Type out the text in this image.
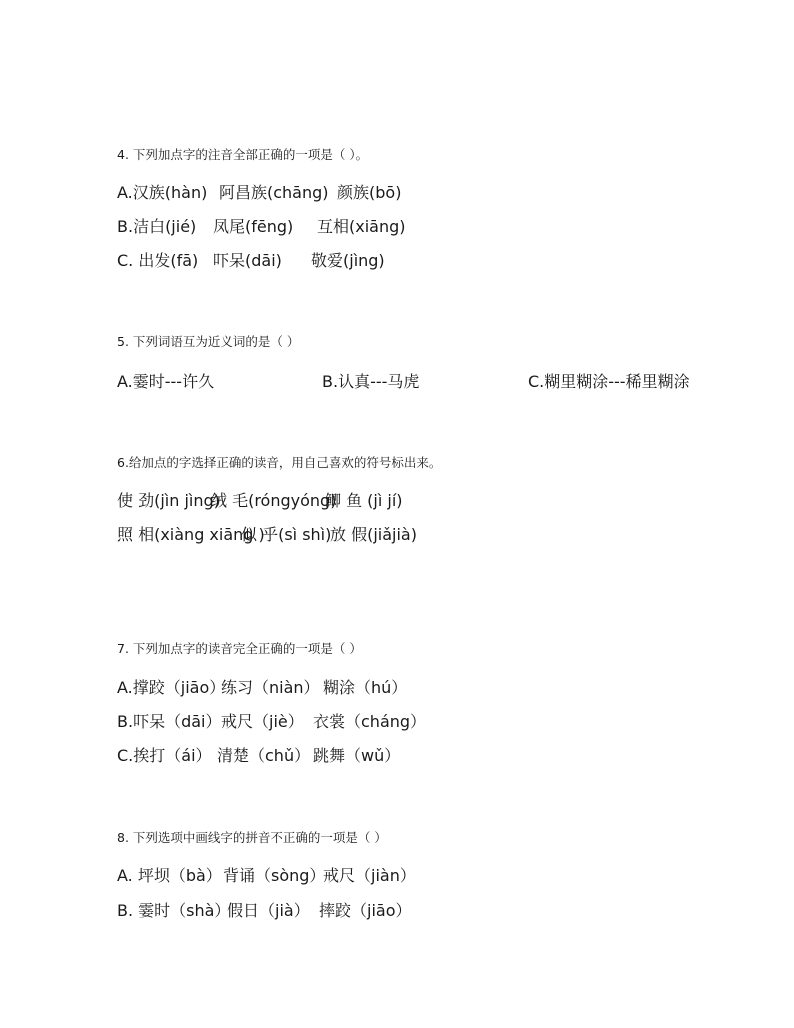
4. 下列加点字的注音全部正确的一项是（ ）。
A.汉族(hàn) 阿昌族(chāng) 颜族(bō)
B.洁白(jié) 凤尾(fēng) 互相(xiāng)
C. 出发(fā) 吓呆(dāi) 敬爱(jìng)
5. 下列词语互为近义词的是（ ）
A.霎时---许久	B.认真---马虎	C.糊里糊涂---稀里糊涂
6.给加点的字选择正确的读音，用自己喜欢的符号标出来。
使 劲(jìn jìng)
绒 毛(róngyóng)
鲫 鱼 (jì jí)
照 相(xiàng xiāng )
似 乎(sì shì)
放 假(jiǎjià)
7. 下列加点字的读音完全正确的一项是（ ）
A.撑跤（jiāo）
练习（niàn） 糊涂（hú）
B.吓呆（dāi） 戒尺（jiè） 衣裳（cháng）
C.挨打（ái） 清楚（chǔ） 跳舞（wǔ）
8. 下列选项中画线字的拼音不正确的一项是（ ）
A. 坪坝（bà） 背诵（sòng）
戒尺（jiàn）
B. 霎时（shà）
假日（jià） 摔跤（jiāo）
